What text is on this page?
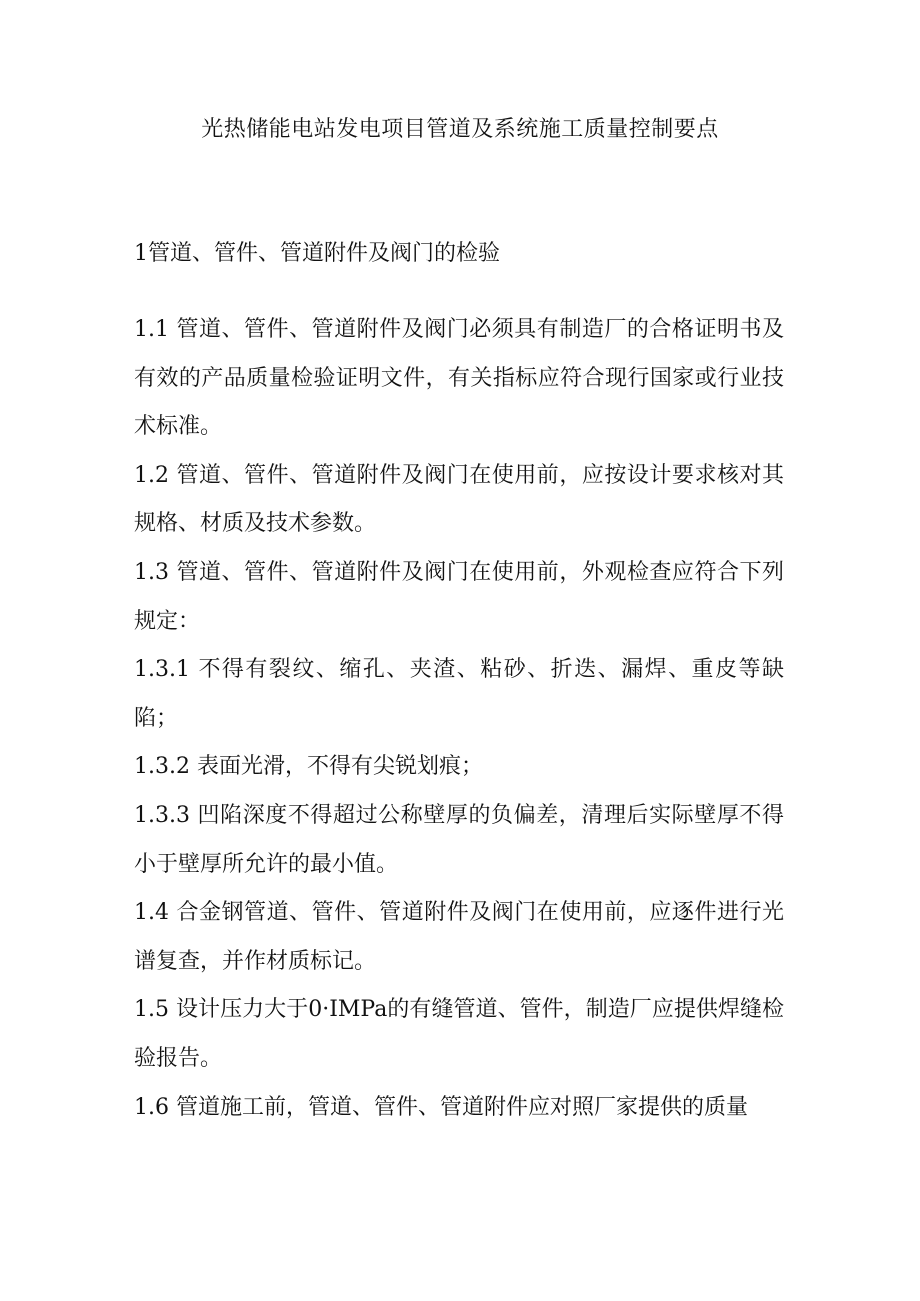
光热储能电站发电项目管道及系统施工质量控制要点
1管道、管件、管道附件及阀门的检验

1.1 管道、管件、管道附件及阀门必须具有制造厂的合格证明书及有效的产品质量检验证明文件，有关指标应符合现行国家或行业技术标准。

1.2 管道、管件、管道附件及阀门在使用前，应按设计要求核对其规格、材质及技术参数。

1.3 管道、管件、管道附件及阀门在使用前，外观检查应符合下列规定：

1.3.1 不得有裂纹、缩孔、夹渣、粘砂、折迭、漏焊、重皮等缺陷；

1.3.2 表面光滑，不得有尖锐划痕；

1.3.3 凹陷深度不得超过公称壁厚的负偏差，清理后实际壁厚不得小于壁厚所允许的最小值。

1.4 合金钢管道、管件、管道附件及阀门在使用前，应逐件进行光谱复查，并作材质标记。

1.5 设计压力大于0·IMPa的有缝管道、管件，制造厂应提供焊缝检验报告。

1.6 管道施工前，管道、管件、管道附件应对照厂家提供的质量
